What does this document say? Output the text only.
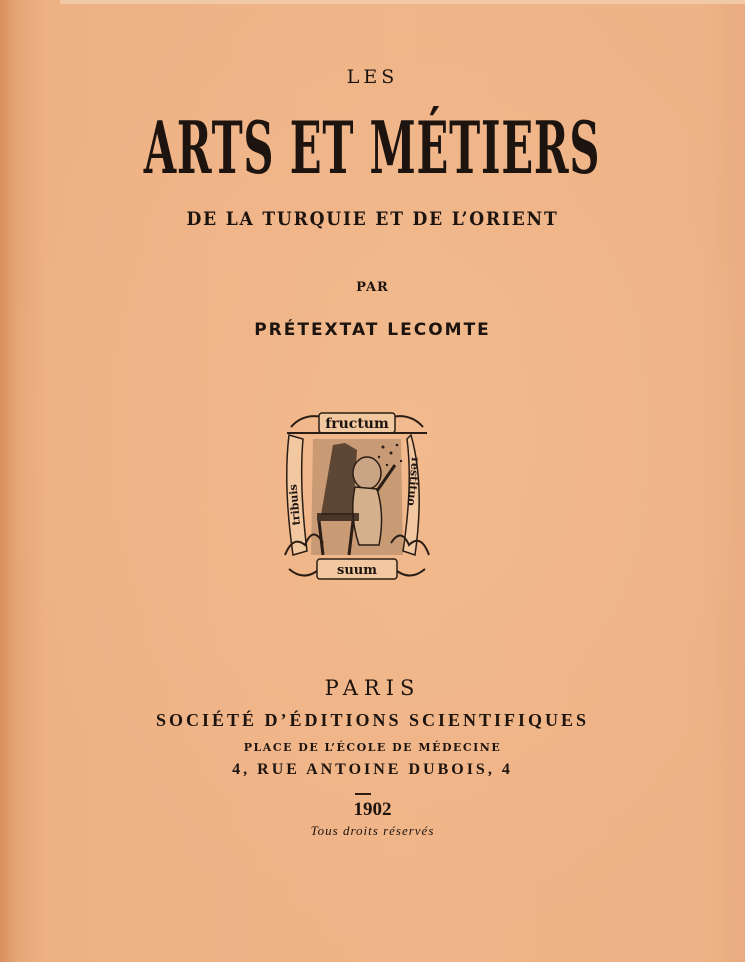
LES
ARTS ET MÉTIERS
DE LA TURQUIE ET DE L’ORIENT
PAR
PRÉTEXTAT LECOMTE
fructum
tribuis	restituo
suum
PARIS
SOCIÉTÉ D’ÉDITIONS SCIENTIFIQUES
PLACE DE L’ÉCOLE DE MÉDECINE
4, RUE ANTOINE DUBOIS, 4
1902
Tous droits réservés
